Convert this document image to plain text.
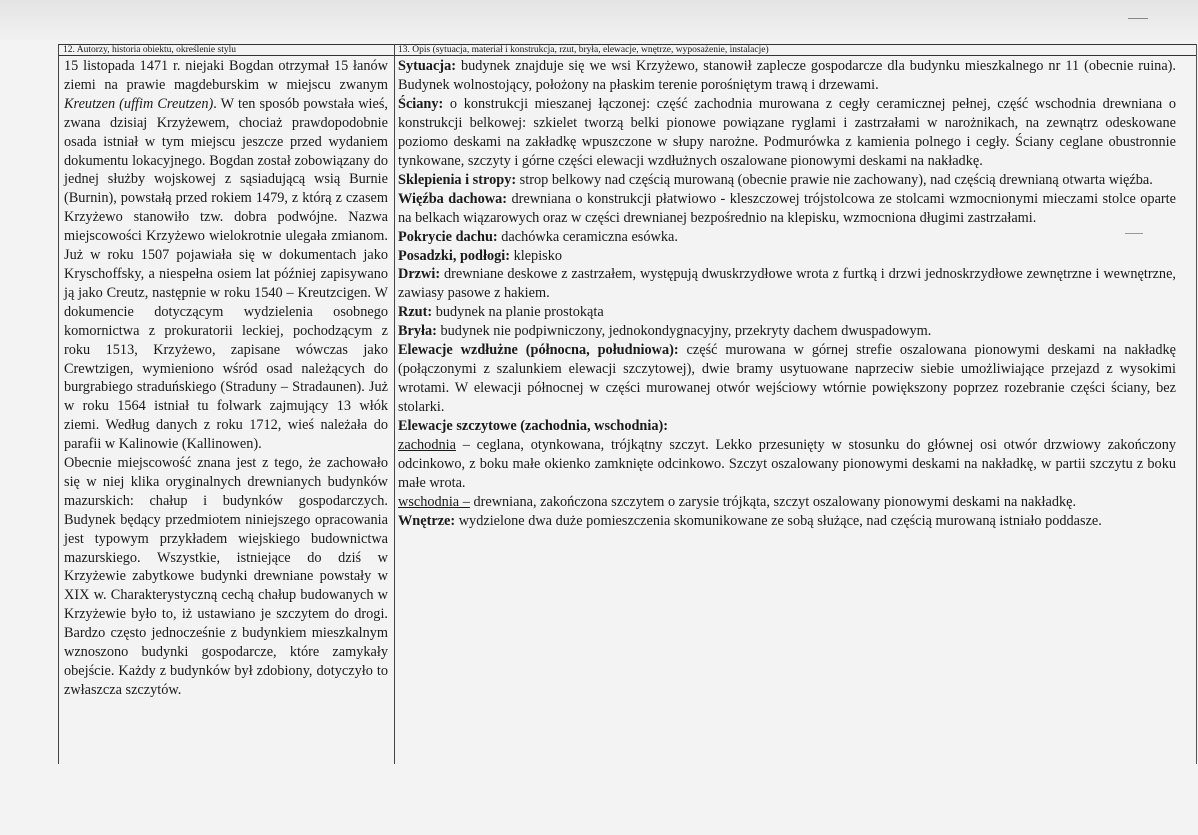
12. Autorzy, historia obiektu, określenie stylu	13. Opis (sytuacja, materiał i konstrukcja, rzut, bryła, elewacje, wnętrze, wyposażenie, instalacje)

15 listopada 1471 r. niejaki Bogdan otrzymał 15 łanów ziemi na prawie magdeburskim w miejscu zwanym Kreutzen (uffim Creutzen). W ten sposób powstała wieś, zwana dzisiaj Krzyżewem, chociaż prawdopodobnie osada istniał w tym miejscu jeszcze przed wydaniem dokumentu lokacyjnego. Bogdan został zobowiązany do jednej służby wojskowej z sąsiadującą wsią Burnie (Burnin), powstałą przed rokiem 1479, z którą z czasem Krzyżewo stanowiło tzw. dobra podwójne. Nazwa miejscowości Krzyżewo wielokrotnie ulegała zmianom. Już w roku 1507 pojawiała się w dokumentach jako Kryschoffsky, a niespełna osiem lat później zapisywano ją jako Creutz, następnie w roku 1540 – Kreutzcigen. W dokumencie dotyczącym wydzielenia osobnego komornictwa z prokuratorii leckiej, pochodzącym z roku 1513, Krzyżewo, zapisane wówczas jako Crewtzigen, wymieniono wśród osad należących do burgrabiego straduńskiego (Straduny – Stradaunen). Już w roku 1564 istniał tu folwark zajmujący 13 włók ziemi. Według danych z roku 1712, wieś należała do parafii w Kalinowie (Kallinowen).

Obecnie miejscowość znana jest z tego, że zachowało się w niej klika oryginalnych drewnianych budynków mazurskich: chałup i budynków gospodarczych. Budynek będący przedmiotem niniejszego opracowania jest typowym przykładem wiejskiego budownictwa mazurskiego. Wszystkie, istniejące do dziś w Krzyżewie zabytkowe budynki drewniane powstały w XIX w. Charakterystyczną cechą chałup budowanych w Krzyżewie było to, iż ustawiano je szczytem do drogi. Bardzo często jednocześnie z budynkiem mieszkalnym wznoszono budynki gospodarcze, które zamykały obejście. Każdy z budynków był zdobiony, dotyczyło to zwłaszcza szczytów.

Sytuacja: budynek znajduje się we wsi Krzyżewo, stanowił zaplecze gospodarcze dla budynku mieszkalnego nr 11 (obecnie ruina). Budynek wolnostojący, położony na płaskim terenie porośniętym trawą i drzewami.

Ściany: o konstrukcji mieszanej łączonej: część zachodnia murowana z cegły ceramicznej pełnej, część wschodnia drewniana o konstrukcji belkowej: szkielet tworzą belki pionowe powiązane ryglami i zastrzałami w narożnikach, na zewnątrz odeskowane poziomo deskami na zakładkę wpuszczone w słupy narożne. Podmurówka z kamienia polnego i cegły. Ściany ceglane obustronnie tynkowane, szczyty i górne części elewacji wzdłużnych oszalowane pionowymi deskami na nakładkę.

Sklepienia i stropy: strop belkowy nad częścią murowaną (obecnie prawie nie zachowany), nad częścią drewnianą otwarta więźba.

Więźba dachowa: drewniana o konstrukcji płatwiowo - kleszczowej trójstolcowa ze stolcami wzmocnionymi mieczami stolce oparte na belkach wiązarowych oraz w części drewnianej bezpośrednio na klepisku, wzmocniona długimi zastrzałami.

Pokrycie dachu: dachówka ceramiczna esówka.

Posadzki, podłogi: klepisko

Drzwi: drewniane deskowe z zastrzałem, występują dwuskrzydłowe wrota z furtką i drzwi jednoskrzydłowe zewnętrzne i wewnętrzne, zawiasy pasowe z hakiem.

Rzut: budynek na planie prostokąta

Bryła: budynek nie podpiwniczony, jednokondygnacyjny, przekryty dachem dwuspadowym.

Elewacje wzdłużne (północna, południowa): część murowana w górnej strefie oszalowana pionowymi deskami na nakładkę (połączonymi z szalunkiem elewacji szczytowej), dwie bramy usytuowane naprzeciw siebie umożliwiające przejazd z wysokimi wrotami. W elewacji północnej w części murowanej otwór wejściowy wtórnie powiększony poprzez rozebranie części ściany, bez stolarki.

Elewacje szczytowe (zachodnia, wschodnia):

zachodnia – ceglana, otynkowana, trójkątny szczyt. Lekko przesunięty w stosunku do głównej osi otwór drzwiowy zakończony odcinkowo, z boku małe okienko zamknięte odcinkowo. Szczyt oszalowany pionowymi deskami na nakładkę, w partii szczytu z boku małe wrota.

wschodnia – drewniana, zakończona szczytem o zarysie trójkąta, szczyt oszalowany pionowymi deskami na nakładkę.

Wnętrze: wydzielone dwa duże pomieszczenia skomunikowane ze sobą służące, nad częścią murowaną istniało poddasze.
